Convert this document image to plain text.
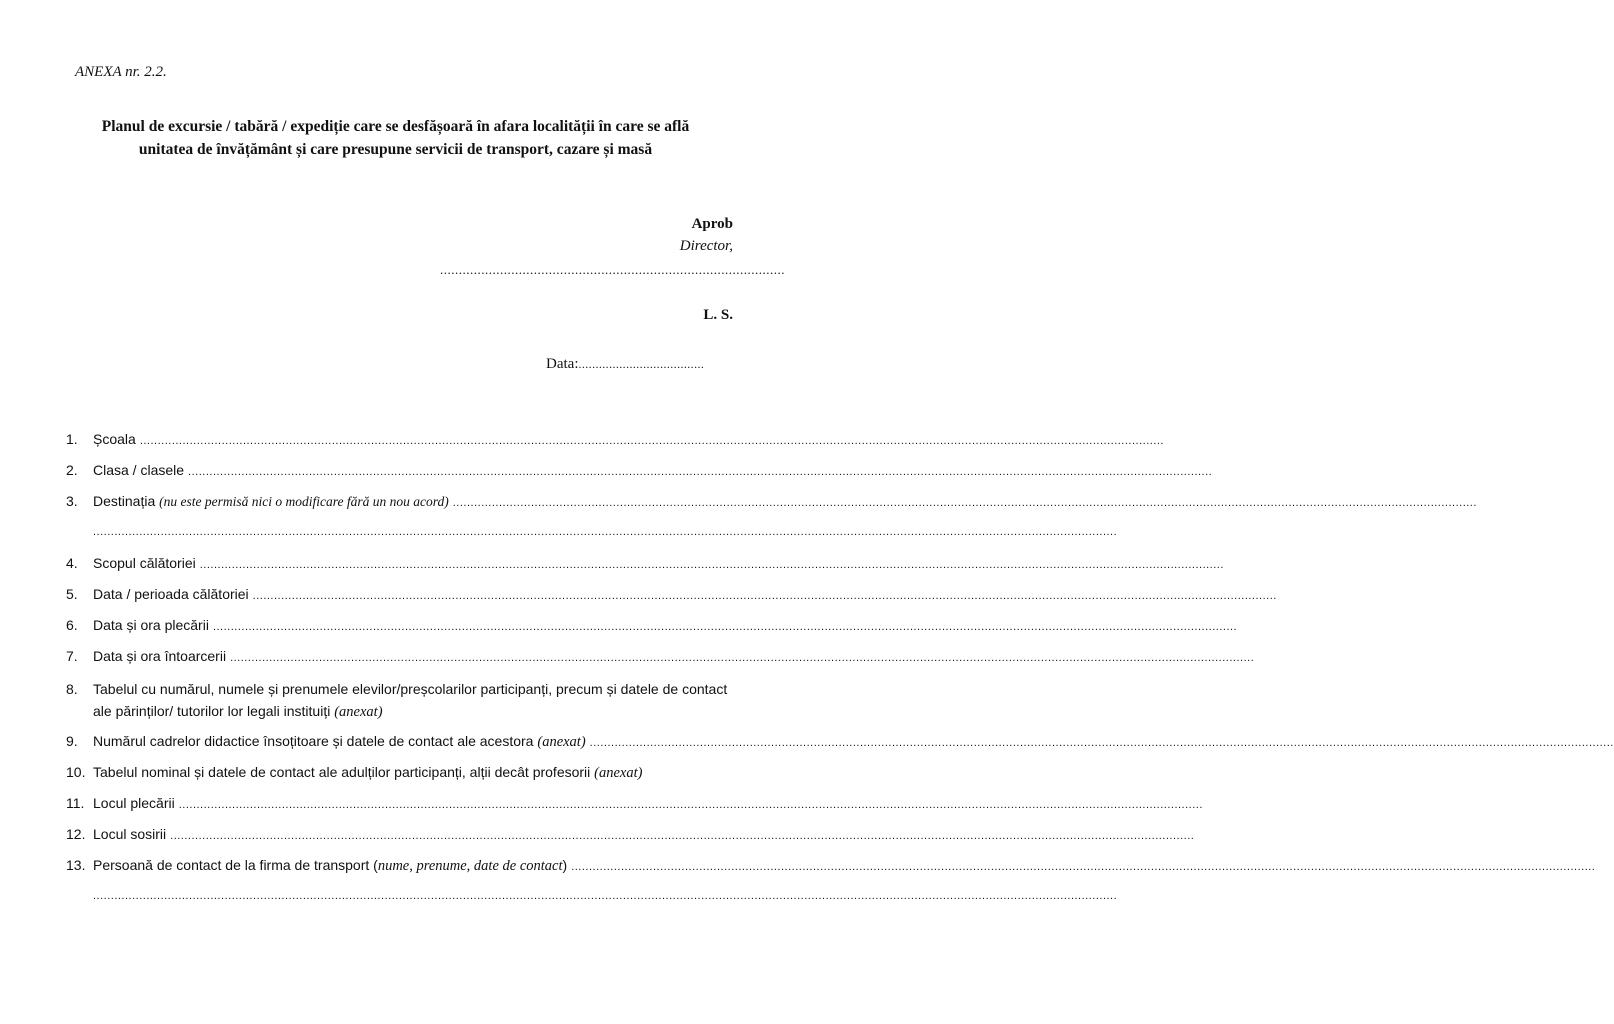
ANEXA nr. 2.2.
Planul de excursie / tabără / expediție care se desfășoară în afara localității în care se află
unitatea de învățământ și care presupune servicii de transport, cazare și masă
Aprob
Director,
............................................................................................
L. S.
Data:.....................................
1.	Școala
.....
2.	Clasa / clasele
.....
3.	Destinația
(nu este permisă nici o modificare fără un nou acord)
.....
.....
4.	Scopul călătoriei
.....
5.	Data / perioada călătoriei
.....
6.	Data și ora plecării
.....
7.	Data și ora întoarcerii
.....
8.	Tabelul cu numărul, numele și prenumele elevilor/preșcolarilor participanți, precum și datele de contact ale părinților/ tutorilor lor legali instituiți (anexat)
9.	Numărul cadrelor didactice însoțitoare și datele de contact ale acestora
(anexat)
.....
10. Tabelul nominal și datele de contact ale adulților participanți, alții decât profesorii
(anexat)
11. Locul plecării
.....
12. Locul sosirii
.....
13. Persoană de contact de la firma de transport ( nume, prenume, date de contact )
.....
.....
